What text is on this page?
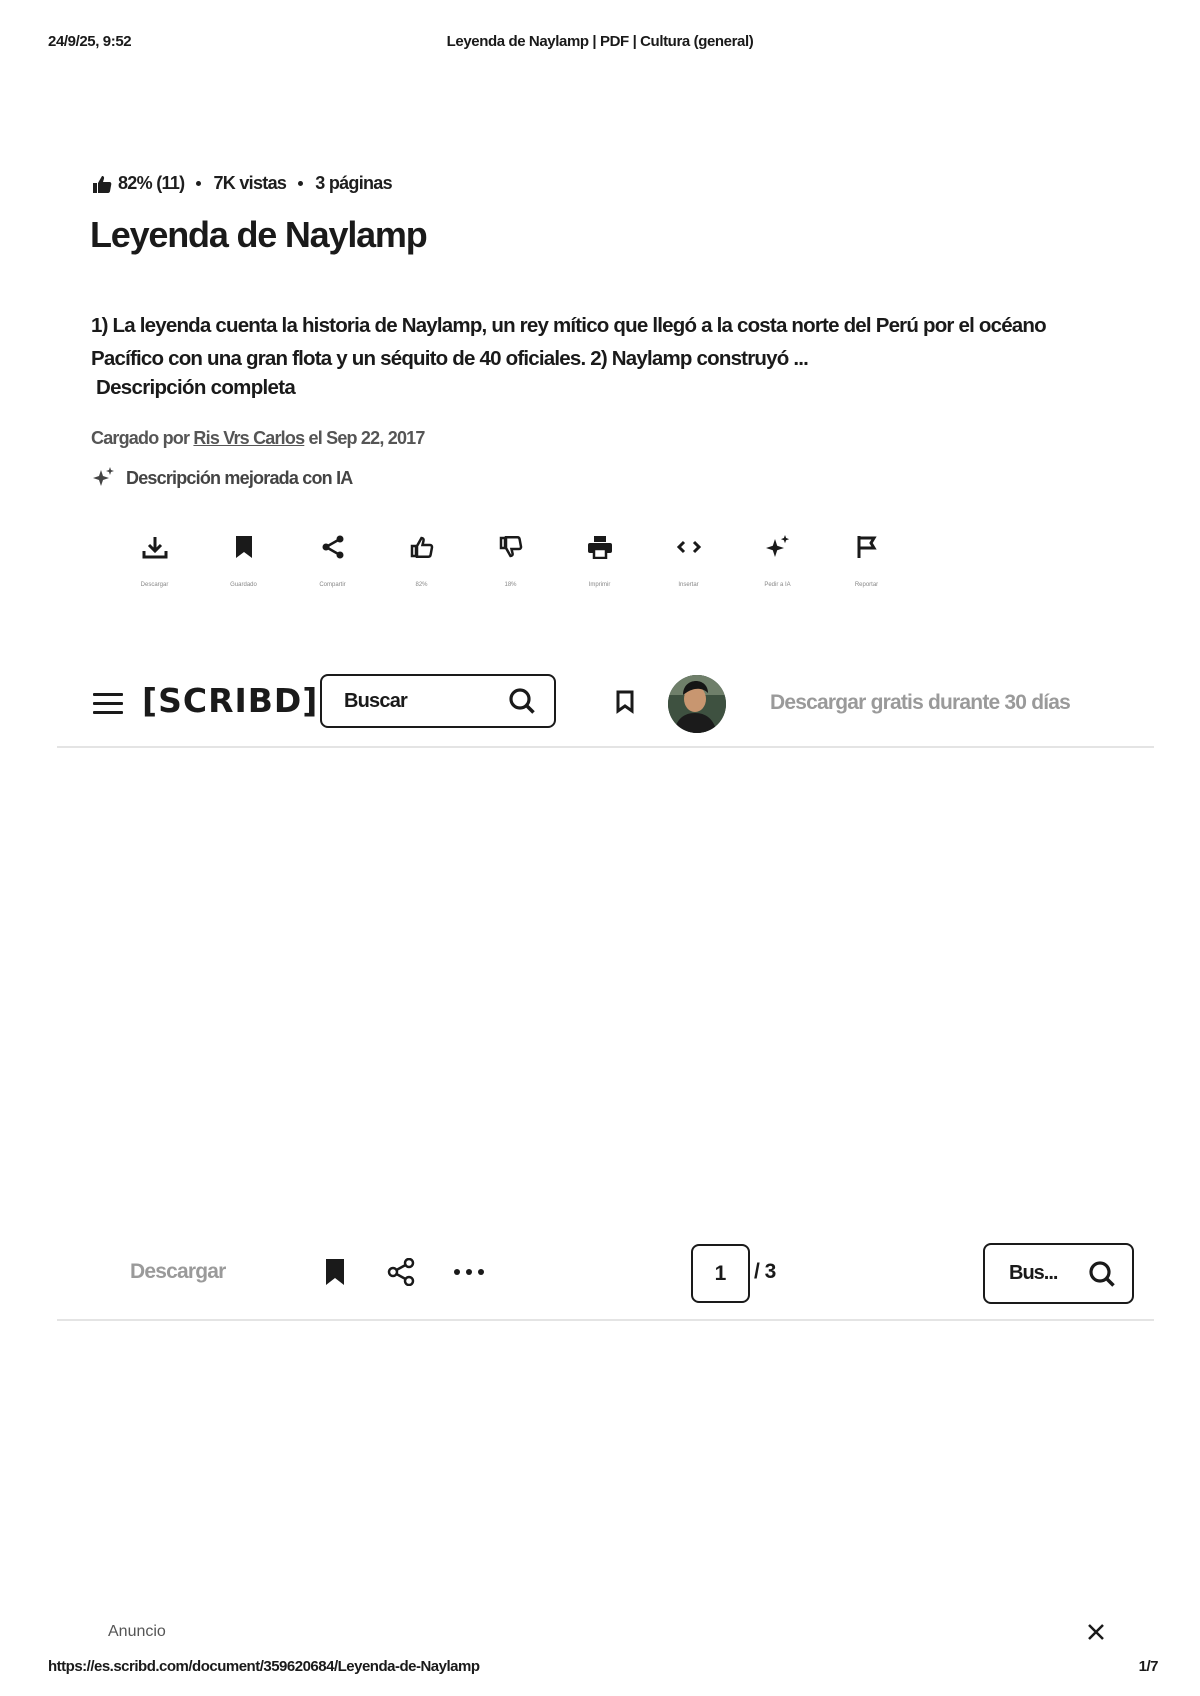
24/9/25, 9:52	Leyenda de Naylamp | PDF | Cultura (general)
82% (11) 7K vistas 3 páginas
Leyenda de Naylamp
1) La leyenda cuenta la historia de Naylamp, un rey mítico que llegó a la costa norte del Perú por el océano Pacífico con una gran flota y un séquito de 40 oficiales. 2) Naylamp construyó ...
Descripción completa
Cargado por Ris Vrs Carlos el Sep 22, 2017
Descripción mejorada con IA
Descargar	Guardado	Compartir	82%	18%	Imprimir	Insertar	Pedir a IA	Reportar
[SCRIBD] Buscar	Descargar gratis durante 30 días
Descargar	1	/ 3	Bus...
Anuncio
https://es.scribd.com/document/359620684/Leyenda-de-Naylamp	1/7
